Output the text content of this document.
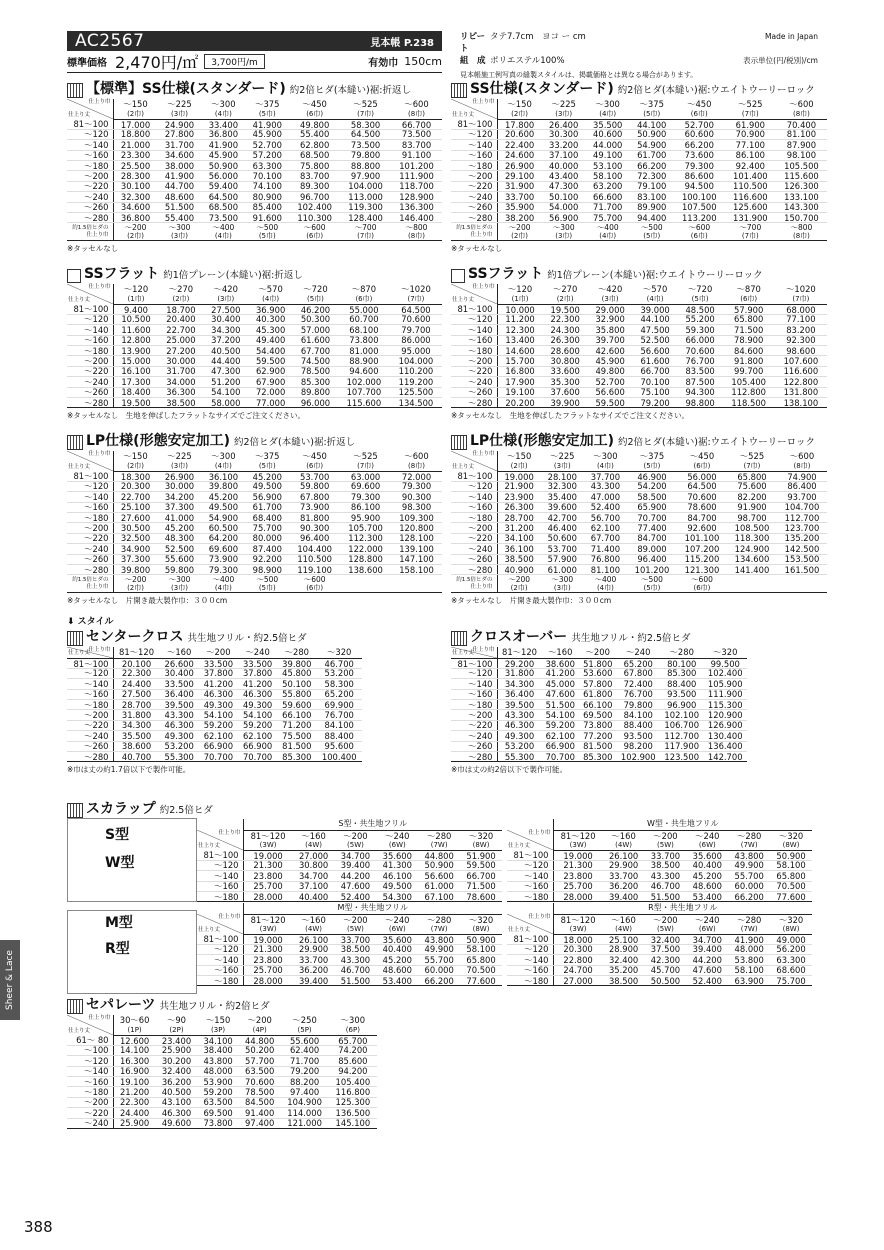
AC2567	見本帳 P.238
標準価格 2,470円/㎡	3,700円/m	有効巾 150cm
リピート
タテ7.7cm　ヨコ ー cm	Made in Japan
組　成 ポリエステル100%	表示単位(円/税別)/cm
見本帳施工例写真の縫製スタイルは、掲載価格とは異なる場合があります。
【標準】SS仕様(スタンダード) 約2倍ヒダ(本縫い)裾:折返し
仕上り巾
仕上り丈	～150	～225	～300	～375	～450	～525	～600
	(2巾)	(3巾)	(4巾)	(5巾)	(6巾)	(7巾)	(8巾)
81～100	17.000	24.900	33.400	41.900	49.800	58.300	66.700
～120	18.800	27.800	36.800	45.900	55.400	64.500	73.500
～140	21.000	31.700	41.900	52.700	62.800	73.500	83.700
～160	23.300	34.600	45.900	57.200	68.500	79.800	91.100
～180	25.500	38.000	50.900	63.300	75.800	88.800	101.200
～200	28.300	41.900	56.000	70.100	83.700	97.900	111.900
～220	30.100	44.700	59.400	74.100	89.300	104.000	118.700
～240	32.300	48.600	64.500	80.900	96.700	113.000	128.900
～260	34.600	51.500	68.500	85.400	102.400	119.300	136.300
～280	36.800	55.400	73.500	91.600	110.300	128.400	146.400
約1.5倍ヒダの仕上り巾	～200	～300	～400	～500	～600	～700	～800
	(2巾)	(3巾)	(4巾)	(5巾)	(6巾)	(7巾)	(8巾)
※タッセルなし
SS仕様(スタンダード) 約2倍ヒダ(本縫い)裾:ウエイトウーリーロック
仕上り巾
仕上り丈	～150	～225	～300	～375	～450	～525	～600
	(2巾)	(3巾)	(4巾)	(5巾)	(6巾)	(7巾)	(8巾)
81～100	17.800	26.400	35.500	44.100	52.700	61.900	70.400
～120	20.600	30.300	40.600	50.900	60.600	70.900	81.100
～140	22.400	33.200	44.000	54.900	66.200	77.100	87.900
～160	24.600	37.100	49.100	61.700	73.600	86.100	98.100
～180	26.900	40.000	53.100	66.200	79.300	92.400	105.500
～200	29.100	43.400	58.100	72.300	86.600	101.400	115.600
～220	31.900	47.300	63.200	79.100	94.500	110.500	126.300
～240	33.700	50.100	66.600	83.100	100.100	116.600	133.100
～260	35.900	54.000	71.700	89.900	107.500	125.600	143.300
～280	38.200	56.900	75.700	94.400	113.200	131.900	150.700
約1.5倍ヒダの仕上り巾	～200	～300	～400	～500	～600	～700	～800
	(2巾)	(3巾)	(4巾)	(5巾)	(6巾)	(7巾)	(8巾)
※タッセルなし
SSフラット 約1倍プレーン(本縫い)裾:折返し
仕上り巾
仕上り丈	～120	～270	～420	～570	～720	～870	～1020
	(1巾)	(2巾)	(3巾)	(4巾)	(5巾)	(6巾)	(7巾)
81～100	9.400	18.700	27.500	36.900	46.200	55.000	64.500
～120	10.500	20.400	30.400	40.300	50.300	60.700	70.600
～140	11.600	22.700	34.300	45.300	57.000	68.100	79.700
～160	12.800	25.000	37.200	49.400	61.600	73.800	86.000
～180	13.900	27.200	40.500	54.400	67.700	81.000	95.000
～200	15.000	30.000	44.400	59.500	74.500	88.900	104.000
～220	16.100	31.700	47.300	62.900	78.500	94.600	110.200
～240	17.300	34.000	51.200	67.900	85.300	102.000	119.200
～260	18.400	36.300	54.100	72.000	89.800	107.700	125.500
～280	19.500	38.500	58.000	77.000	96.000	115.600	134.500
※タッセルなし　生地を伸ばしたフラットなサイズでご注文ください。
SSフラット 約1倍プレーン(本縫い)裾:ウエイトウーリーロック
仕上り巾
仕上り丈	～120	～270	～420	～570	～720	～870	～1020
	(1巾)	(2巾)	(3巾)	(4巾)	(5巾)	(6巾)	(7巾)
81～100	10.000	19.500	29.000	39.000	48.500	57.900	68.000
～120	11.200	22.300	32.900	44.100	55.200	65.800	77.100
～140	12.300	24.300	35.800	47.500	59.300	71.500	83.200
～160	13.400	26.300	39.700	52.500	66.000	78.900	92.300
～180	14.600	28.600	42.600	56.600	70.600	84.600	98.600
～200	15.700	30.800	45.900	61.600	76.700	91.800	107.600
～220	16.800	33.600	49.800	66.700	83.500	99.700	116.600
～240	17.900	35.300	52.700	70.100	87.500	105.400	122.800
～260	19.100	37.600	56.600	75.100	94.300	112.800	131.800
～280	20.200	39.900	59.500	79.200	98.800	118.500	138.100
※タッセルなし　生地を伸ばしたフラットなサイズでご注文ください。
LP仕様(形態安定加工) 約2倍ヒダ(本縫い)裾:折返し
仕上り巾
仕上り丈	～150	～225	～300	～375	～450	～525	～600
	(2巾)	(3巾)	(4巾)	(5巾)	(6巾)	(7巾)	(8巾)
81～100	18.300	26.900	36.100	45.200	53.700	63.000	72.000
～120	20.300	30.000	39.800	49.500	59.800	69.600	79.300
～140	22.700	34.200	45.200	56.900	67.800	79.300	90.300
～160	25.100	37.300	49.500	61.700	73.900	86.100	98.300
～180	27.600	41.000	54.900	68.400	81.800	95.900	109.300
～200	30.500	45.200	60.500	75.700	90.300	105.700	120.800
～220	32.500	48.300	64.200	80.000	96.400	112.300	128.100
～240	34.900	52.500	69.600	87.400	104.400	122.000	139.100
～260	37.300	55.600	73.900	92.200	110.500	128.800	147.100
～280	39.800	59.800	79.300	98.900	119.100	138.600	158.100
約1.5倍ヒダの仕上り巾	～200	～300	～400	～500	～600		
	(2巾)	(3巾)	(4巾)	(5巾)	(6巾)		
※タッセルなし　片開き最大製作巾：３００cm
LP仕様(形態安定加工) 約2倍ヒダ(本縫い)裾:ウエイトウーリーロック
仕上り巾
仕上り丈	～150	～225	～300	～375	～450	～525	～600
	(2巾)	(3巾)	(4巾)	(5巾)	(6巾)	(7巾)	(8巾)
81～100	19.000	28.100	37.700	46.900	56.000	65.800	74.900
～120	21.900	32.300	43.300	54.200	64.500	75.600	86.400
～140	23.900	35.400	47.000	58.500	70.600	82.200	93.700
～160	26.300	39.600	52.400	65.900	78.600	91.900	104.700
～180	28.700	42.700	56.700	70.700	84.700	98.700	112.700
～200	31.200	46.400	62.100	77.400	92.600	108.500	123.700
～220	34.100	50.600	67.700	84.700	101.100	118.300	135.200
～240	36.100	53.700	71.400	89.000	107.200	124.900	142.500
～260	38.500	57.900	76.800	96.400	115.200	134.600	153.500
～280	40.900	61.000	81.100	101.200	121.300	141.400	161.500
約1.5倍ヒダの仕上り巾	～200	～300	～400	～500	～600		
	(2巾)	(3巾)	(4巾)	(5巾)	(6巾)		
※タッセルなし　片開き最大製作巾：３００cm
センタークロス 共生地フリル・約2.5倍ヒダ
仕上り巾
仕上り丈	81～120	～160	～200	～240	～280	～320
81～100	20.100	26.600	33.500	33.500	39.800	46.700
～120	22.300	30.400	37.800	37.800	45.800	53.200
～140	24.400	33.500	41.200	41.200	50.100	58.300
～160	27.500	36.400	46.300	46.300	55.800	65.200
～180	28.700	39.500	49.300	49.300	59.600	69.900
～200	31.800	43.300	54.100	54.100	66.100	76.700
～220	34.300	46.300	59.200	59.200	71.200	84.100
～240	35.500	49.300	62.100	62.100	75.500	88.400
～260	38.600	53.200	66.900	66.900	81.500	95.600
～280	40.700	55.300	70.700	70.700	85.300	100.400
※巾は丈の約1.7倍以下で製作可能。
クロスオーバー 共生地フリル・約2.5倍ヒダ
仕上り巾
仕上り丈	81～120	～160	～200	～240	～280	～320
81～100	29.200	38.600	51.800	65.200	80.100	99.500
～120	31.800	41.200	53.600	67.800	85.300	102.400
～140	34.300	45.000	57.800	72.400	88.400	105.900
～160	36.400	47.600	61.800	76.700	93.500	111.900
～180	39.500	51.500	66.100	79.800	96.900	115.300
～200	43.300	54.100	69.500	84.100	102.100	120.900
～220	46.300	59.200	73.800	88.400	106.700	126.900
～240	49.300	62.100	77.200	93.500	112.700	130.400
～260	53.200	66.900	81.500	98.200	117.900	136.400
～280	55.300	70.700	85.300	102.900	123.500	142.700
※巾は丈の約2倍以下で製作可能。
スカラップ 約2.5倍ヒダ
S型
W型
M型
R型
	S型・共生地フリル					

仕上り巾
仕上り丈	81～120	～160	～200	～240	～280	～320
	(3W)	(4W)	(5W)	(6W)	(7W)	(8W)
81～100	19.000	27.000	34.700	35.600	44.800	51.900
～120	21.300	30.800	39.400	41.300	50.900	59.500
～140	23.800	34.700	44.200	46.100	56.600	66.700
～160	25.700	37.100	47.600	49.500	61.000	71.500
～180	28.000	40.400	52.400	54.300	67.100	78.600
	W型・共生地フリル					

仕上り巾
仕上り丈	81～120	～160	～200	～240	～280	～320
	(3W)	(4W)	(5W)	(6W)	(7W)	(8W)
81～100	19.000	26.100	33.700	35.600	43.800	50.900
～120	21.300	29.900	38.500	40.400	49.900	58.100
～140	23.800	33.700	43.300	45.200	55.700	65.800
～160	25.700	36.200	46.700	48.600	60.000	70.500
～180	28.000	39.400	51.500	53.400	66.200	77.600
	M型・共生地フリル					

仕上り巾
仕上り丈	81～120	～160	～200	～240	～280	～320
	(3W)	(4W)	(5W)	(6W)	(7W)	(8W)
81～100	19.000	26.100	33.700	35.600	43.800	50.900
～120	21.300	29.900	38.500	40.400	49.900	58.100
～140	23.800	33.700	43.300	45.200	55.700	65.800
～160	25.700	36.200	46.700	48.600	60.000	70.500
～180	28.000	39.400	51.500	53.400	66.200	77.600
	R型・共生地フリル					

仕上り巾
仕上り丈	81～120	～160	～200	～240	～280	～320
	(3W)	(4W)	(5W)	(6W)	(7W)	(8W)
81～100	18.000	25.100	32.400	34.700	41.900	49.000
～120	20.300	28.900	37.500	39.400	48.000	56.200
～140	22.800	32.400	42.300	44.200	53.800	63.300
～160	24.700	35.200	45.700	47.600	58.100	68.600
～180	27.000	38.500	50.500	52.400	63.900	75.700
セパレーツ 共生地フリル・約2倍ヒダ
仕上り巾
仕上り丈	30～60	～90	～150	～200	～250	～300
	(1P)	(2P)	(3P)	(4P)	(5P)	(6P)
61～ 80	12.600	23.400	34.100	44.800	55.600	65.700
～100	14.100	25.900	38.400	50.200	62.400	74.200
～120	16.300	30.200	43.800	57.700	71.700	85.600
～140	16.900	32.400	48.000	63.500	79.200	94.200
～160	19.100	36.200	53.900	70.600	88.200	105.400
～180	21.200	40.500	59.200	78.500	97.400	116.800
～200	22.300	43.100	63.500	84.500	104.900	125.300
～220	24.400	46.300	69.500	91.400	114.000	136.500
～240	25.900	49.600	73.800	97.400	121.000	145.100
⬇ スタイル
Sheer & Lace
388
